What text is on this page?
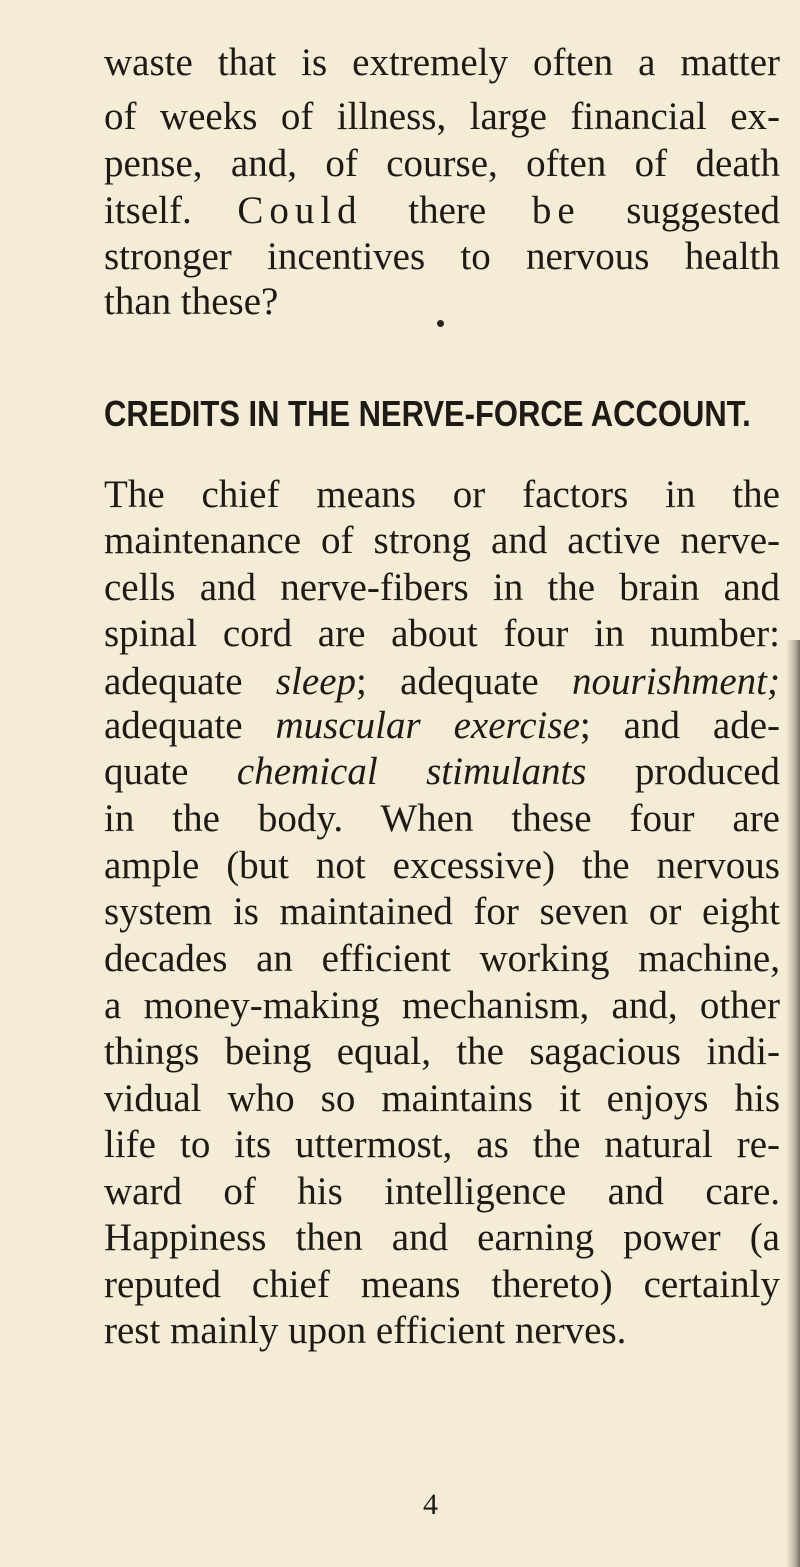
waste that is extremely often a matter
of weeks of illness, large financial ex-
pense, and, of course, often of death
itself. Could there be suggested
stronger incentives to nervous health
than these?
CREDITS IN THE NERVE-FORCE ACCOUNT.
The chief means or factors in the
maintenance of strong and active nerve-
cells and nerve-fibers in the brain and
spinal cord are about four in number:
adequate sleep; adequate nourishment;
adequate muscular exercise; and ade-
quate chemical stimulants produced
in the body. When these four are
ample (but not excessive) the nervous
system is maintained for seven or eight
decades an efficient working machine,
a money-making mechanism, and, other
things being equal, the sagacious indi-
vidual who so maintains it enjoys his
life to its uttermost, as the natural re-
ward of his intelligence and care.
Happiness then and earning power (a
reputed chief means thereto) certainly
rest mainly upon efficient nerves.
4
